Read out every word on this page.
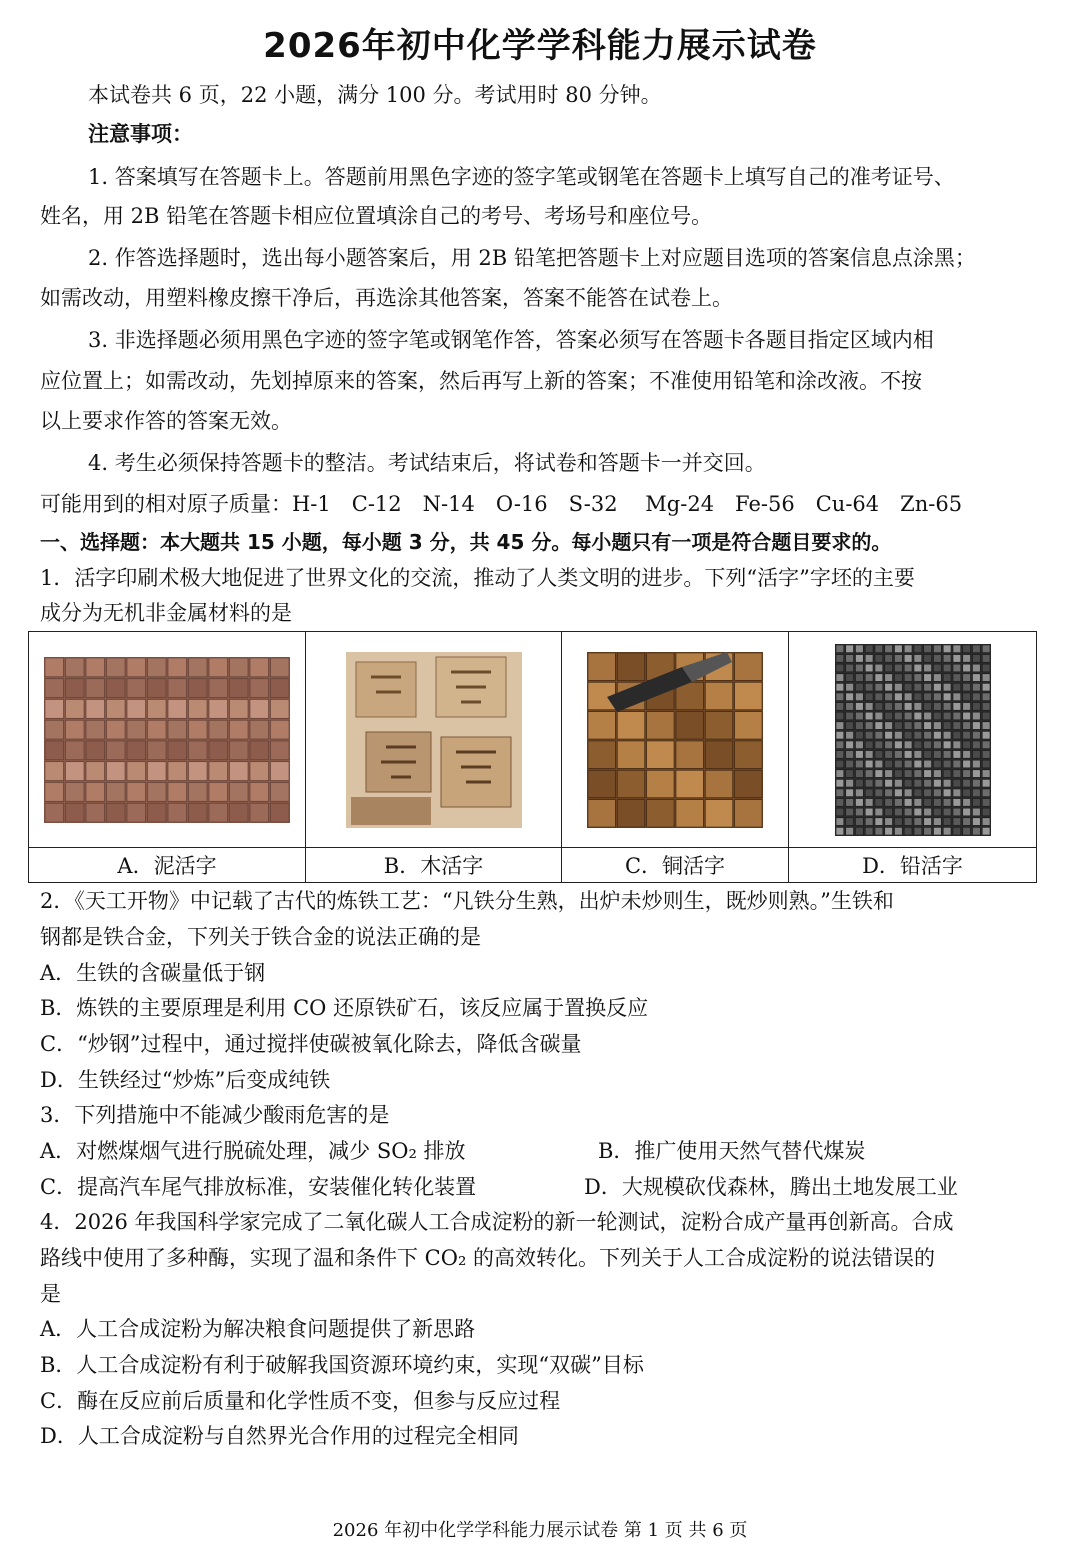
2026年初中化学学科能力展示试卷
本试卷共 6 页，22 小题，满分 100 分。考试用时 80 分钟。
注意事项：
1. 答案填写在答题卡上。答题前用黑色字迹的签字笔或钢笔在答题卡上填写自己的准考证号、
姓名，用 2B 铅笔在答题卡相应位置填涂自己的考号、考场号和座位号。
2. 作答选择题时，选出每小题答案后，用 2B 铅笔把答题卡上对应题目选项的答案信息点涂黑；
如需改动，用塑料橡皮擦干净后，再选涂其他答案，答案不能答在试卷上。
3. 非选择题必须用黑色字迹的签字笔或钢笔作答，答案必须写在答题卡各题目指定区域内相
应位置上；如需改动，先划掉原来的答案，然后再写上新的答案；不准使用铅笔和涂改液。不按
以上要求作答的答案无效。
4. 考生必须保持答题卡的整洁。考试结束后，将试卷和答题卡一并交回。
可能用到的相对原子质量：H-1　C-12　N-14　O-16　S-32　 Mg-24　Fe-56　Cu-64　Zn-65
一、选择题：本大题共 15 小题，每小题 3 分，共 45 分。每小题只有一项是符合题目要求的。
1．活字印刷术极大地促进了世界文化的交流，推动了人类文明的进步。下列“活字”字坯的主要
成分为无机非金属材料的是

A．泥活字	B．木活字	C．铜活字	D．铅活字
2．《天工开物》中记载了古代的炼铁工艺：“凡铁分生熟，出炉未炒则生，既炒则熟。”生铁和
钢都是铁合金，下列关于铁合金的说法正确的是
A．生铁的含碳量低于钢
B．炼铁的主要原理是利用 CO 还原铁矿石，该反应属于置换反应
C．“炒钢”过程中，通过搅拌使碳被氧化除去，降低含碳量
D．生铁经过“炒炼”后变成纯铁
3．下列措施中不能减少酸雨危害的是
A．对燃煤烟气进行脱硫处理，减少 SO₂ 排放	B．推广使用天然气替代煤炭
C．提高汽车尾气排放标准，安装催化转化装置	D．大规模砍伐森林，腾出土地发展工业
4．2026 年我国科学家完成了二氧化碳人工合成淀粉的新一轮测试，淀粉合成产量再创新高。合成
路线中使用了多种酶，实现了温和条件下 CO₂ 的高效转化。下列关于人工合成淀粉的说法错误的
是
A．人工合成淀粉为解决粮食问题提供了新思路
B．人工合成淀粉有利于破解我国资源环境约束，实现“双碳”目标
C．酶在反应前后质量和化学性质不变，但参与反应过程
D．人工合成淀粉与自然界光合作用的过程完全相同
2026 年初中化学学科能力展示试卷 第 1 页 共 6 页
